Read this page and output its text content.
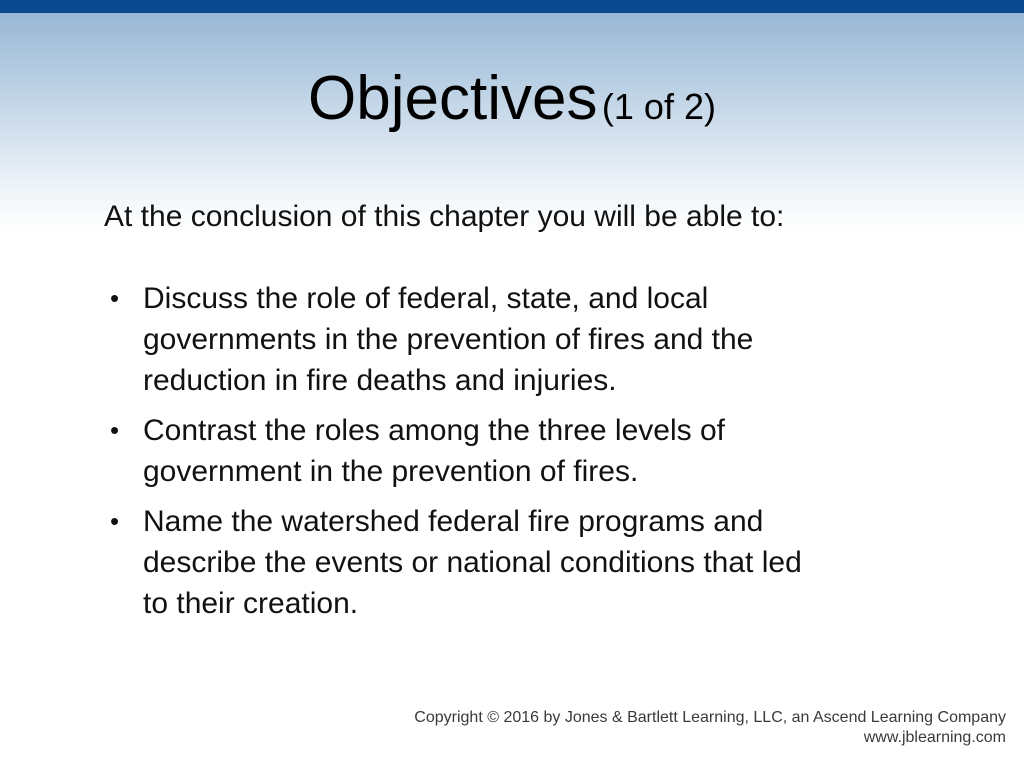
Objectives (1 of 2)
At the conclusion of this chapter you will be able to:
• Discuss the role of federal, state, and local
governments in the prevention of fires and the
reduction in fire deaths and injuries.
• Contrast the roles among the three levels of
government in the prevention of fires.
• Name the watershed federal fire programs and
describe the events or national conditions that led
to their creation.
Copyright © 2016 by Jones & Bartlett Learning, LLC, an Ascend Learning Company
www.jblearning.com
